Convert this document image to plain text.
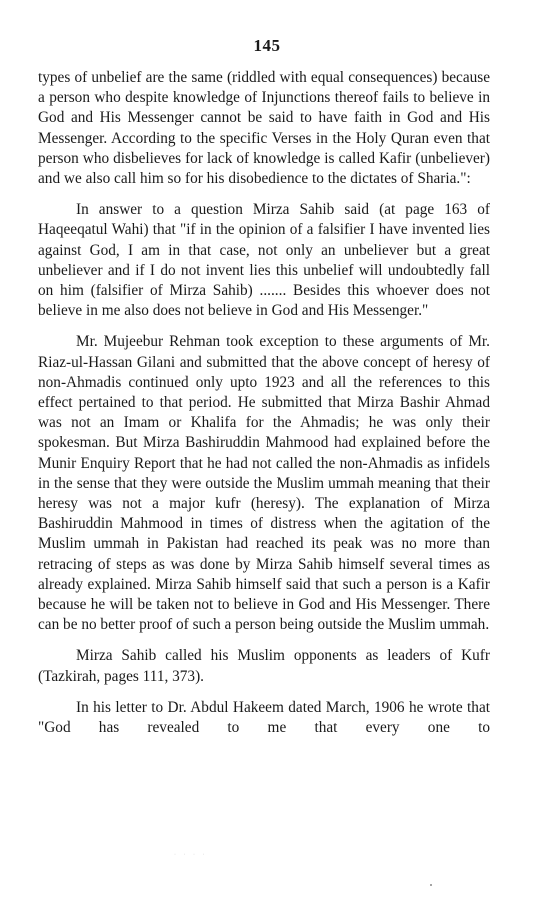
145

types of unbelief are the same (riddled with equal consequences) because a person who despite knowledge of Injunctions thereof fails to believe in God and His Messenger cannot be said to have faith in God and His Messenger. According to the specific Verses in the Holy Quran even that person who disbelieves for lack of knowledge is called Kafir (unbeliever) and we also call him so for his disobedience to the dictates of Sharia.":

In answer to a question Mirza Sahib said (at page 163 of Haqeeqatul Wahi) that "if in the opinion of a falsifier I have invented lies against God, I am in that case, not only an unbeliever but a great unbeliever and if I do not invent lies this unbelief will undoubtedly fall on him (falsifier of Mirza Sahib) ....... Besides this whoever does not believe in me also does not believe in God and His Messenger."

Mr. Mujeebur Rehman took exception to these arguments of Mr. Riaz-ul-Hassan Gilani and submitted that the above concept of heresy of non-Ahmadis continued only upto 1923 and all the references to this effect pertained to that period. He submitted that Mirza Bashir Ahmad was not an Imam or Khalifa for the Ahmadis; he was only their spokesman. But Mirza Bashiruddin Mahmood had explained before the Munir Enquiry Report that he had not called the non-Ahmadis as infidels in the sense that they were outside the Muslim ummah meaning that their heresy was not a major kufr (heresy). The explanation of Mirza Bashiruddin Mahmood in times of distress when the agitation of the Muslim ummah in Pakistan had reached its peak was no more than retracing of steps as was done by Mirza Sahib himself several times as already explained. Mirza Sahib himself said that such a person is a Kafir because he will be taken not to believe in God and His Messenger. There can be no better proof of such a person being outside the Muslim ummah.

Mirza Sahib called his Muslim opponents as leaders of Kufr (Tazkirah, pages 111, 373).

In his letter to Dr. Abdul Hakeem dated March, 1906 he wrote that "God has revealed to me that every one to

· · · ·
